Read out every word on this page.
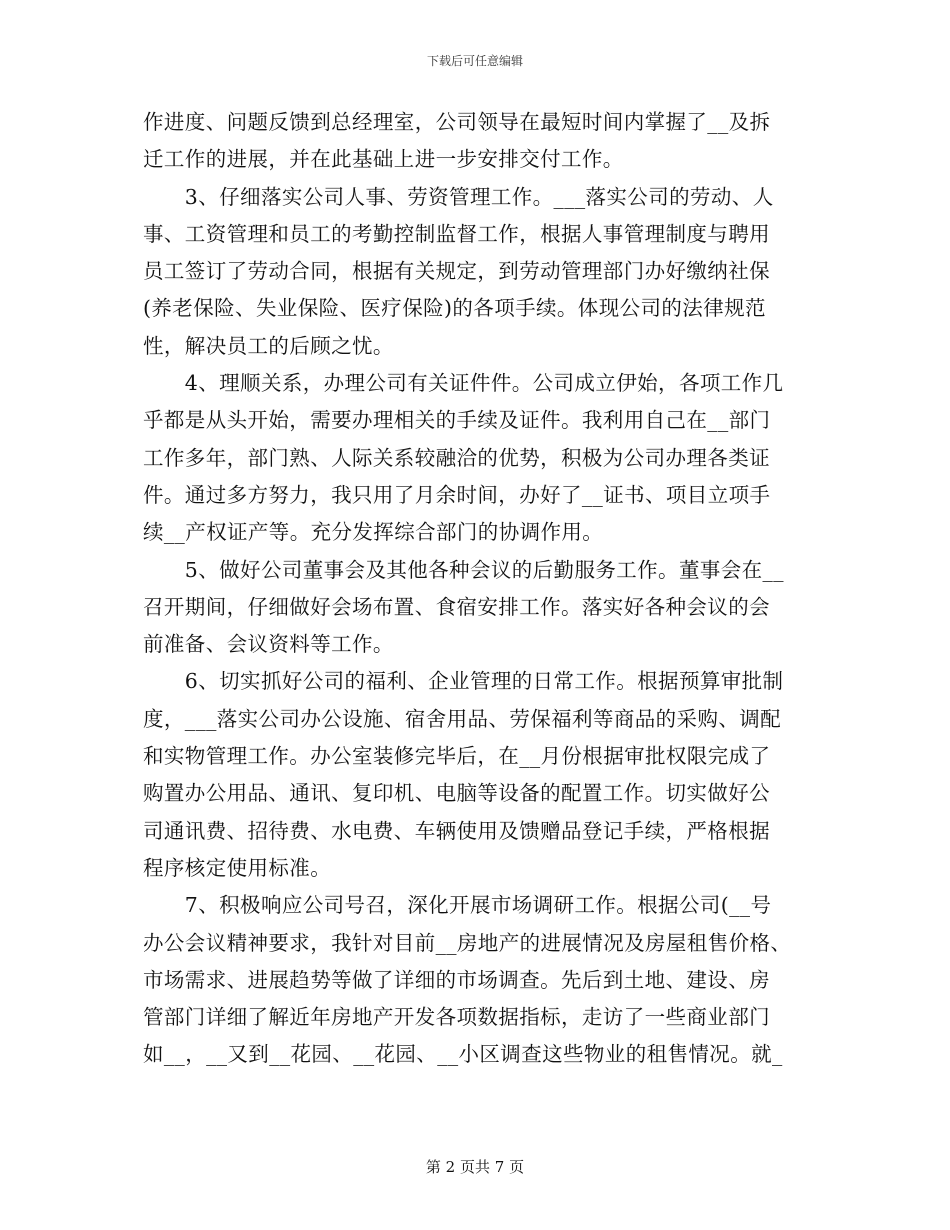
下载后可任意编辑
作进度、问题反馈到总经理室，公司领导在最短时间内掌握了__及拆
迁工作的进展，并在此基础上进一步安排交付工作。
　　3、仔细落实公司人事、劳资管理工作。___落实公司的劳动、人
事、工资管理和员工的考勤控制监督工作，根据人事管理制度与聘用
员工签订了劳动合同，根据有关规定，到劳动管理部门办好缴纳社保
(养老保险、失业保险、医疗保险)的各项手续。体现公司的法律规范
性，解决员工的后顾之忧。
　　4、理顺关系，办理公司有关证件件。公司成立伊始，各项工作几
乎都是从头开始，需要办理相关的手续及证件。我利用自己在__部门
工作多年，部门熟、人际关系较融洽的优势，积极为公司办理各类证
件。通过多方努力，我只用了月余时间，办好了__证书、项目立项手
续__产权证产等。充分发挥综合部门的协调作用。
　　5、做好公司董事会及其他各种会议的后勤服务工作。董事会在__
召开期间，仔细做好会场布置、食宿安排工作。落实好各种会议的会
前准备、会议资料等工作。
　　6、切实抓好公司的福利、企业管理的日常工作。根据预算审批制
度，___落实公司办公设施、宿舍用品、劳保福利等商品的采购、调配
和实物管理工作。办公室装修完毕后，在__月份根据审批权限完成了
购置办公用品、通讯、复印机、电脑等设备的配置工作。切实做好公
司通讯费、招待费、水电费、车辆使用及馈赠品登记手续，严格根据
程序核定使用标准。
　　7、积极响应公司号召，深化开展市场调研工作。根据公司(__号
办公会议精神要求，我针对目前__房地产的进展情况及房屋租售价格、
市场需求、进展趋势等做了详细的市场调查。先后到土地、建设、房
管部门详细了解近年房地产开发各项数据指标，走访了一些商业部门
如__，__又到__花园、__花园、__小区调查这些物业的租售情况。就_
第 2 页共 7 页
